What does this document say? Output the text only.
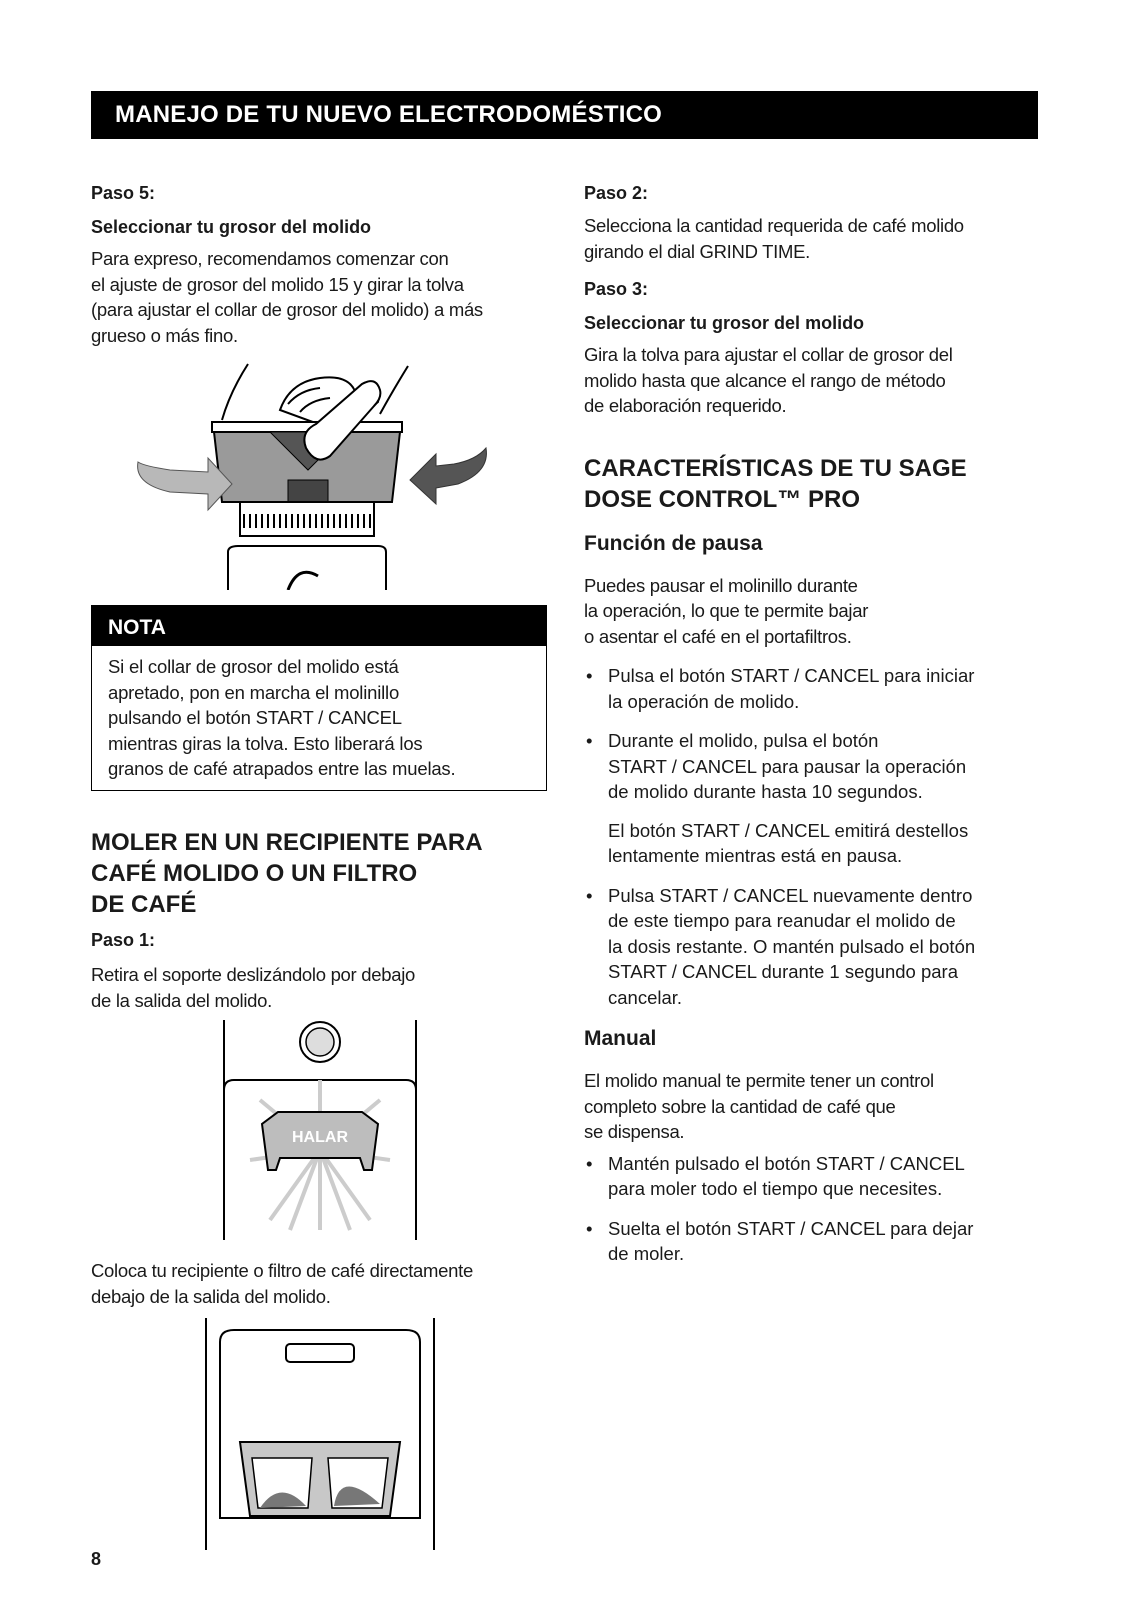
MANEJO DE TU NUEVO ELECTRODOMÉSTICO

Paso 5:

Seleccionar tu grosor del molido

Para expreso, recomendamos comenzar con

el ajuste de grosor del molido 15 y girar la tolva

(para ajustar el collar de grosor del molido) a más

grueso o más fino.

NOTA
Si el collar de grosor del molido está
apretado, pon en marcha el molinillo
pulsando el botón START / CANCEL
mientras giras la tolva. Esto liberará los
granos de café atrapados entre las muelas.

MOLER EN UN RECIPIENTE PARA

CAFÉ MOLIDO O UN FILTRO

DE CAFÉ

Paso 1:

Retira el soporte deslizándolo por debajo

de la salida del molido.

HALAR

Coloca tu recipiente o filtro de café directamente

debajo de la salida del molido.

8

Paso 2:

Selecciona la cantidad requerida de café molido

girando el dial GRIND TIME.

Paso 3:

Seleccionar tu grosor del molido

Gira la tolva para ajustar el collar de grosor del

molido hasta que alcance el rango de método

de elaboración requerido.

CARACTERÍSTICAS DE TU SAGE

DOSE CONTROL™ PRO

Función de pausa

Puedes pausar el molinillo durante

la operación, lo que te permite bajar

o asentar el café en el portafiltros.

• Pulsa el botón START / CANCEL para iniciar
la operación de molido.
• Durante el molido, pulsa el botón
START / CANCEL para pausar la operación
de molido durante hasta 10 segundos.
El botón START / CANCEL emitirá destellos
lentamente mientras está en pausa.
• Pulsa START / CANCEL nuevamente dentro
de este tiempo para reanudar el molido de
la dosis restante. O mantén pulsado el botón
START / CANCEL durante 1 segundo para
cancelar.

Manual

El molido manual te permite tener un control

completo sobre la cantidad de café que

se dispensa.

• Mantén pulsado el botón START / CANCEL
para moler todo el tiempo que necesites.
• Suelta el botón START / CANCEL para dejar
de moler.
